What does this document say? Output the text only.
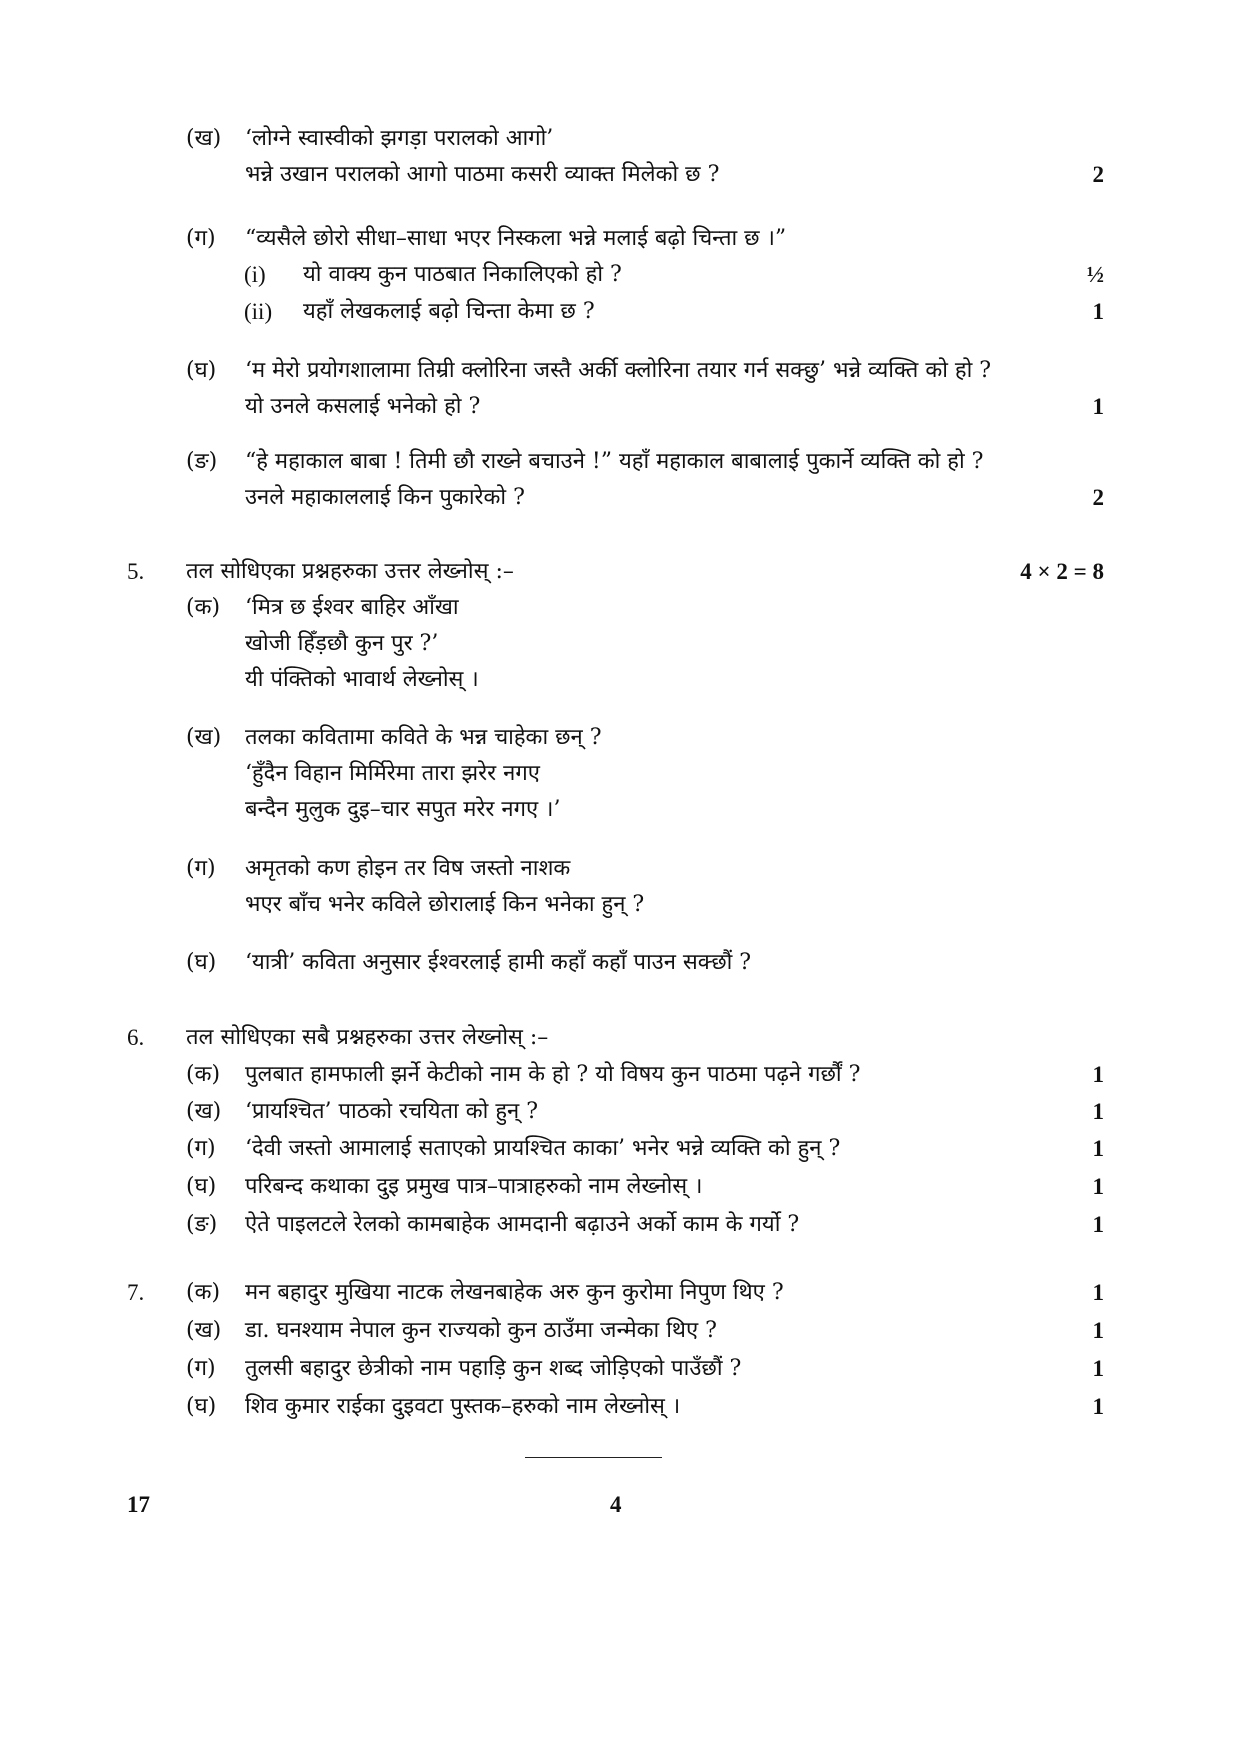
(ख) ‘लोग्ने स्वास्वीको झगड़ा परालको आगो’
भन्ने उखान परालको आगो पाठमा कसरी व्याक्त मिलेको छ ?	2
(ग) “व्यसैले छोरो सीधा–साधा भएर निस्कला भन्ने मलाई बढ़ो चिन्ता छ ।”
(i) यो वाक्य कुन पाठबात निकालिएको हो ?	½
(ii) यहाँ लेखकलाई बढ़ो चिन्ता केमा छ ?	1
(घ) ‘म मेरो प्रयोगशालामा तिम्री क्लोरिना जस्तै अर्की क्लोरिना तयार गर्न सक्छु’ भन्ने व्यक्ति को हो ?
यो उनले कसलाई भनेको हो ?	1
(ङ) “हे महाकाल बाबा ! तिमी छौ राख्ने बचाउने !” यहाँ महाकाल बाबालाई पुकार्ने व्यक्ति को हो ?
उनले महाकाललाई किन पुकारेको ?	2
5. तल सोधिएका प्रश्नहरुका उत्तर लेख्नोस् :–	4 × 2 = 8
(क) ‘मित्र छ ईश्वर बाहिर आँखा
खोजी हिँड़छौ कुन पुर ?’
यी पंक्तिको भावार्थ लेख्नोस् ।
(ख) तलका कवितामा कविते के भन्न चाहेका छन् ?
‘हुँदैन विहान मिर्मिरेमा तारा झरेर नगए
बन्दैन मुलुक दुइ–चार सपुत मरेर नगए ।’
(ग) अमृतको कण होइन तर विष जस्तो नाशक
भएर बाँच भनेर कविले छोरालाई किन भनेका हुन् ?
(घ) ‘यात्री’ कविता अनुसार ईश्वरलाई हामी कहाँ कहाँ पाउन सक्छौं ?
6. तल सोधिएका सबै प्रश्नहरुका उत्तर लेख्नोस् :–
(क) पुलबात हामफाली झर्ने केटीको नाम के हो ? यो विषय कुन पाठमा पढ़ने गर्छौं ?	1
(ख) ‘प्रायश्चित’ पाठको रचयिता को हुन् ?	1
(ग) ‘देवी जस्तो आमालाई सताएको प्रायश्चित काका’ भनेर भन्ने व्यक्ति को हुन् ?	1
(घ) परिबन्द कथाका दुइ प्रमुख पात्र–पात्राहरुको नाम लेख्नोस् ।	1
(ङ) ऐते पाइलटले रेलको कामबाहेक आमदानी बढ़ाउने अर्को काम के गर्यो ?	1
7. (क) मन बहादुर मुखिया नाटक लेखनबाहेक अरु कुन कुरोमा निपुण थिए ?	1
(ख) डा. घनश्याम नेपाल कुन राज्यको कुन ठाउँमा जन्मेका थिए ?	1
(ग) तुलसी बहादुर छेत्रीको नाम पहाड़ि कुन शब्द जोड़िएको पाउँछौं ?	1
(घ) शिव कुमार राईका दुइवटा पुस्तक–हरुको नाम लेख्नोस् ।	1
17	4
